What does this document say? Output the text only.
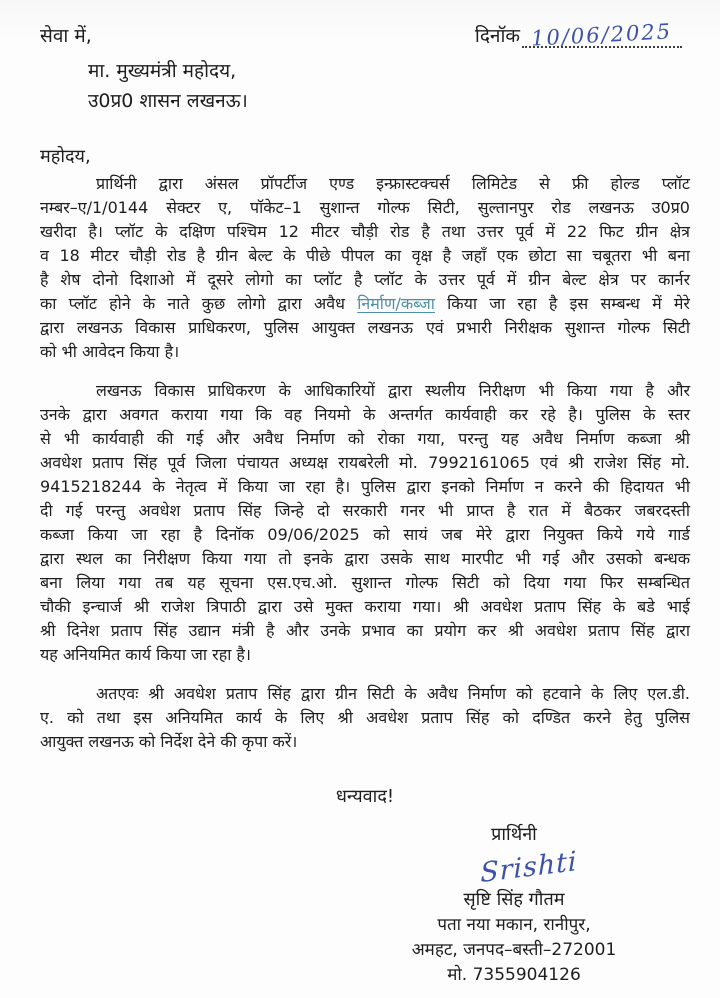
सेवा में,	दिनॉक 10/06/2025
मा. मुख्यमंत्री महोदय,
उ0प्र0 शासन लखनऊ।
महोदय,
प्रार्थिनी द्वारा अंसल प्रॉपर्टीज एण्ड इन्फ्रास्टक्चर्स लिमिटेड से फ्री होल्ड प्लॉट
नम्बर–ए/1/0144 सेक्टर ए, पॉकेट–1 सुशान्त गोल्फ सिटी, सुल्तानपुर रोड लखनऊ उ0प्र0
खरीदा है। प्लॉट के दक्षिण पश्चिम 12 मीटर चौड़ी रोड है तथा उत्तर पूर्व में 22 फिट ग्रीन क्षेत्र
व 18 मीटर चौड़ी रोड है ग्रीन बेल्ट के पीछे पीपल का वृक्ष है जहाँ एक छोटा सा चबूतरा भी बना
है शेष दोनो दिशाओ में दूसरे लोगो का प्लॉट है प्लॉट के उत्तर पूर्व में ग्रीन बेल्ट क्षेत्र पर कार्नर
का प्लॉट होने के नाते कुछ लोगो द्वारा अवैध निर्माण/कब्जा किया जा रहा है इस सम्बन्ध में मेरे
द्वारा लखनऊ विकास प्राधिकरण, पुलिस आयुक्त लखनऊ एवं प्रभारी निरीक्षक सुशान्त गोल्फ सिटी
को भी आवेदन किया है।
लखनऊ विकास प्राधिकरण के आधिकारियों द्वारा स्थलीय निरीक्षण भी किया गया है और
उनके द्वारा अवगत कराया गया कि वह नियमो के अन्तर्गत कार्यवाही कर रहे है। पुलिस के स्तर
से भी कार्यवाही की गई और अवैध निर्माण को रोका गया, परन्तु यह अवैध निर्माण कब्जा श्री
अवधेश प्रताप सिंह पूर्व जिला पंचायत अध्यक्ष रायबरेली मो. 7992161065 एवं श्री राजेश सिंह मो.
9415218244 के नेतृत्व में किया जा रहा है। पुलिस द्वारा इनको निर्माण न करने की हिदायत भी
दी गई परन्तु अवधेश प्रताप सिंह जिन्हे दो सरकारी गनर भी प्राप्त है रात में बैठकर जबरदस्ती
कब्जा किया जा रहा है दिनॉक 09/06/2025 को सायं जब मेरे द्वारा नियुक्त किये गये गार्ड
द्वारा स्थल का निरीक्षण किया गया तो इनके द्वारा उसके साथ मारपीट भी गई और उसको बन्धक
बना लिया गया तब यह सूचना एस.एच.ओ. सुशान्त गोल्फ सिटी को दिया गया फिर सम्बन्धित
चौकी इन्चार्ज श्री राजेश त्रिपाठी द्वारा उसे मुक्त कराया गया। श्री अवधेश प्रताप सिंह के बडे भाई
श्री दिनेश प्रताप सिंह उद्यान मंत्री है और उनके प्रभाव का प्रयोग कर श्री अवधेश प्रताप सिंह द्वारा
यह अनियमित कार्य किया जा रहा है।
अतएवः श्री अवधेश प्रताप सिंह द्वारा ग्रीन सिटी के अवैध निर्माण को हटवाने के लिए एल.डी.
ए. को तथा इस अनियमित कार्य के लिए श्री अवधेश प्रताप सिंह को दण्डित करने हेतु पुलिस
आयुक्त लखनऊ को निर्देश देने की कृपा करें।
धन्यवाद!
प्रार्थिनी
Srishti
सृष्टि सिंह गौतम
पता नया मकान, रानीपुर,
अमहट, जनपद–बस्ती–272001
मो. 7355904126
